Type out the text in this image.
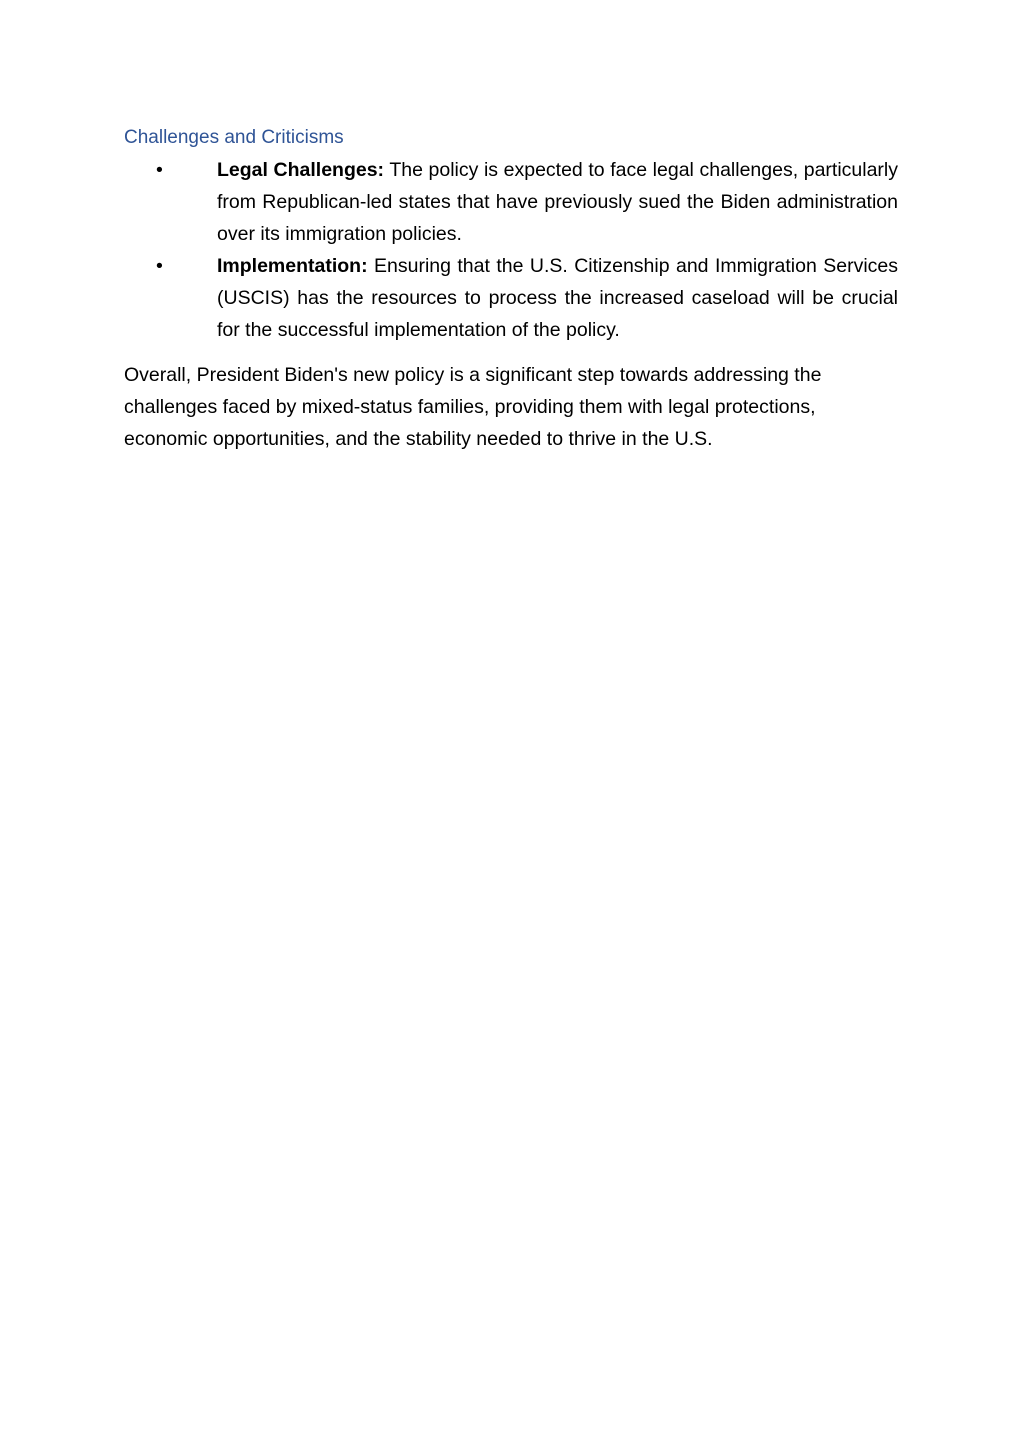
Challenges and Criticisms
•	Legal Challenges: The policy is expected to face legal challenges, particularly from Republican-led states that have previously sued the Biden administration over its immigration policies.
•	Implementation: Ensuring that the U.S. Citizenship and Immigration Services (USCIS) has the resources to process the increased caseload will be crucial for the successful implementation of the policy.

Overall, President Biden's new policy is a significant step towards addressing the challenges faced by mixed-status families, providing them with legal protections, economic opportunities, and the stability needed to thrive in the U.S.
